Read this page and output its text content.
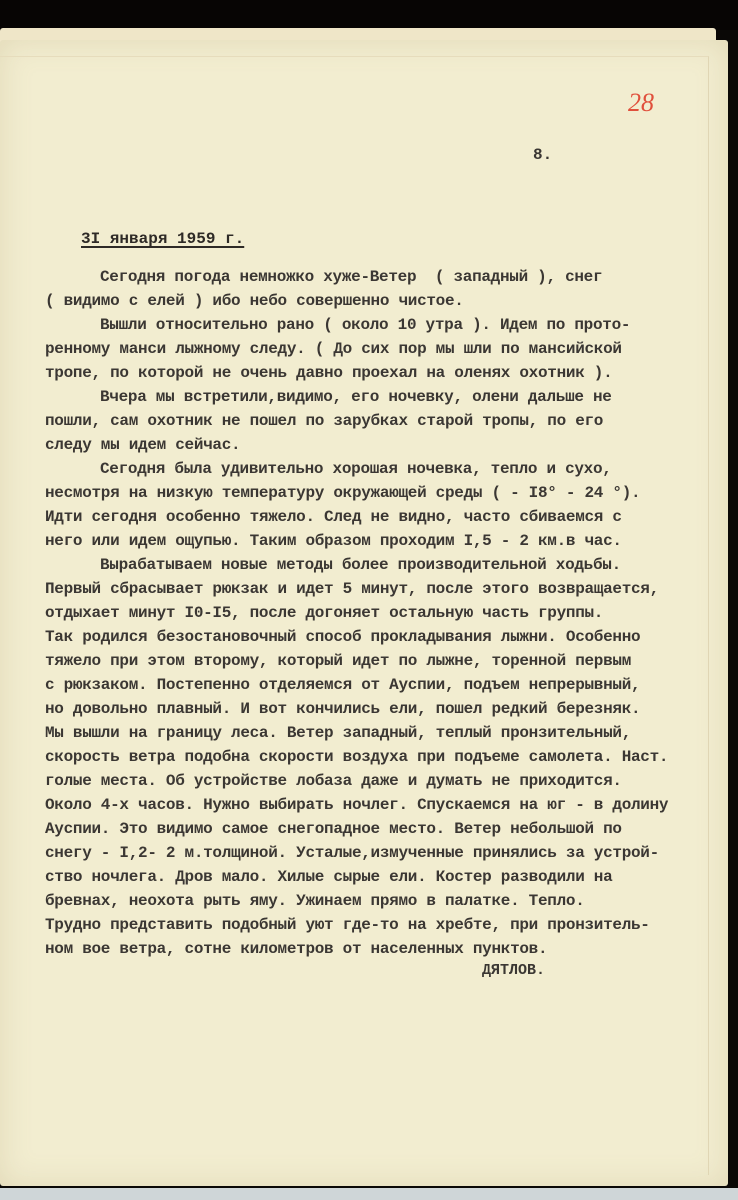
28
8.
3I января 1959 г.
Сегодня погода немножко хуже-Ветер  ( западный ), снег
( видимо с елей ) ибо небо совершенно чистое.
Вышли относительно рано ( около 10 утра ). Идем по прото-
ренному манси лыжному следу. ( До сих пор мы шли по мансийской
тропе, по которой не очень давно проехал на оленях охотник ).
Вчера мы встретили,видимо, его ночевку, олени дальше не
пошли, сам охотник не пошел по зарубках старой тропы, по его
следу мы идем сейчас.
Сегодня была удивительно хорошая ночевка, тепло и сухо,
несмотря на низкую температуру окружающей среды ( - I8° - 24 °).
Идти сегодня особенно тяжело. След не видно, часто сбиваемся с
него или идем ощупью. Таким образом проходим I,5 - 2 км.в час.
Вырабатываем новые методы более производительной ходьбы.
Первый сбрасывает рюкзак и идет 5 минут, после этого возвращается,
отдыхает минут I0-I5, после догоняет остальную часть группы.
Так родился безостановочный способ прокладывания лыжни. Особенно
тяжело при этом второму, который идет по лыжне, торенной первым
с рюкзаком. Постепенно отделяемся от Ауспии, подъем непрерывный,
но довольно плавный. И вот кончились ели, пошел редкий березняк.
Мы вышли на границу леса. Ветер западный, теплый пронзительный,
скорость ветра подобна скорости воздуха при подъеме самолета. Наст.
голые места. Об устройстве лобаза даже и думать не приходится.
Около 4-х часов. Нужно выбирать ночлег. Спускаемся на юг - в долину
Ауспии. Это видимо самое снегопадное место. Ветер небольшой по
снегу - I,2- 2 м.толщиной. Усталые,измученные принялись за устрой-
ство ночлега. Дров мало. Хилые сырые ели. Костер разводили на
бревнах, неохота рыть яму. Ужинаем прямо в палатке. Тепло.
Трудно представить подобный уют где-то на хребте, при пронзитель-
ном вое ветра, сотне километров от населенных пунктов.
ДЯТЛОВ.
